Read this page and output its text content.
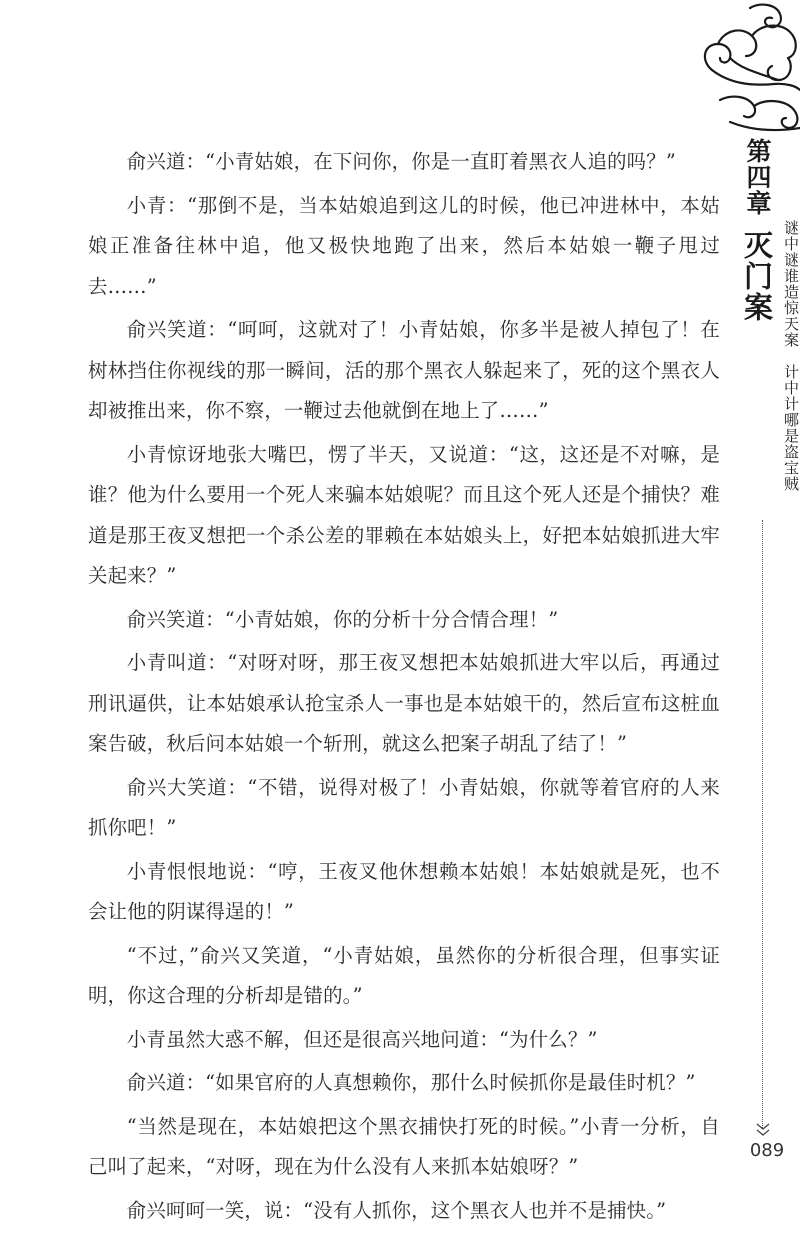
第四章
灭门案 谜中谜谁造惊天案　计中计哪是盗宝贼
089

俞兴道：“小青姑娘，在下问你，你是一直盯着黑衣人追的吗？”

小青：“那倒不是，当本姑娘追到这儿的时候，他已冲进林中，本姑娘正准备往林中追，他又极快地跑了出来，然后本姑娘一鞭子甩过去……”

俞兴笑道：“呵呵，这就对了！小青姑娘，你多半是被人掉包了！在树林挡住你视线的那一瞬间，活的那个黑衣人躲起来了，死的这个黑衣人却被推出来，你不察，一鞭过去他就倒在地上了……”

小青惊讶地张大嘴巴，愣了半天，又说道：“这，这还是不对嘛，是谁？他为什么要用一个死人来骗本姑娘呢？而且这个死人还是个捕快？难道是那王夜叉想把一个杀公差的罪赖在本姑娘头上，好把本姑娘抓进大牢关起来？”

俞兴笑道：“小青姑娘，你的分析十分合情合理！”

小青叫道：“对呀对呀，那王夜叉想把本姑娘抓进大牢以后，再通过刑讯逼供，让本姑娘承认抢宝杀人一事也是本姑娘干的，然后宣布这桩血案告破，秋后问本姑娘一个斩刑，就这么把案子胡乱了结了！”

俞兴大笑道：“不错，说得对极了！小青姑娘，你就等着官府的人来抓你吧！”

小青恨恨地说：“哼，王夜叉他休想赖本姑娘！本姑娘就是死，也不会让他的阴谋得逞的！”

“不过，”俞兴又笑道，“小青姑娘，虽然你的分析很合理，但事实证明，你这合理的分析却是错的。”

小青虽然大惑不解，但还是很高兴地问道：“为什么？”

俞兴道：“如果官府的人真想赖你，那什么时候抓你是最佳时机？”

“当然是现在，本姑娘把这个黑衣捕快打死的时候。”小青一分析，自己叫了起来，“对呀，现在为什么没有人来抓本姑娘呀？”

俞兴呵呵一笑，说：“没有人抓你，这个黑衣人也并不是捕快。”
